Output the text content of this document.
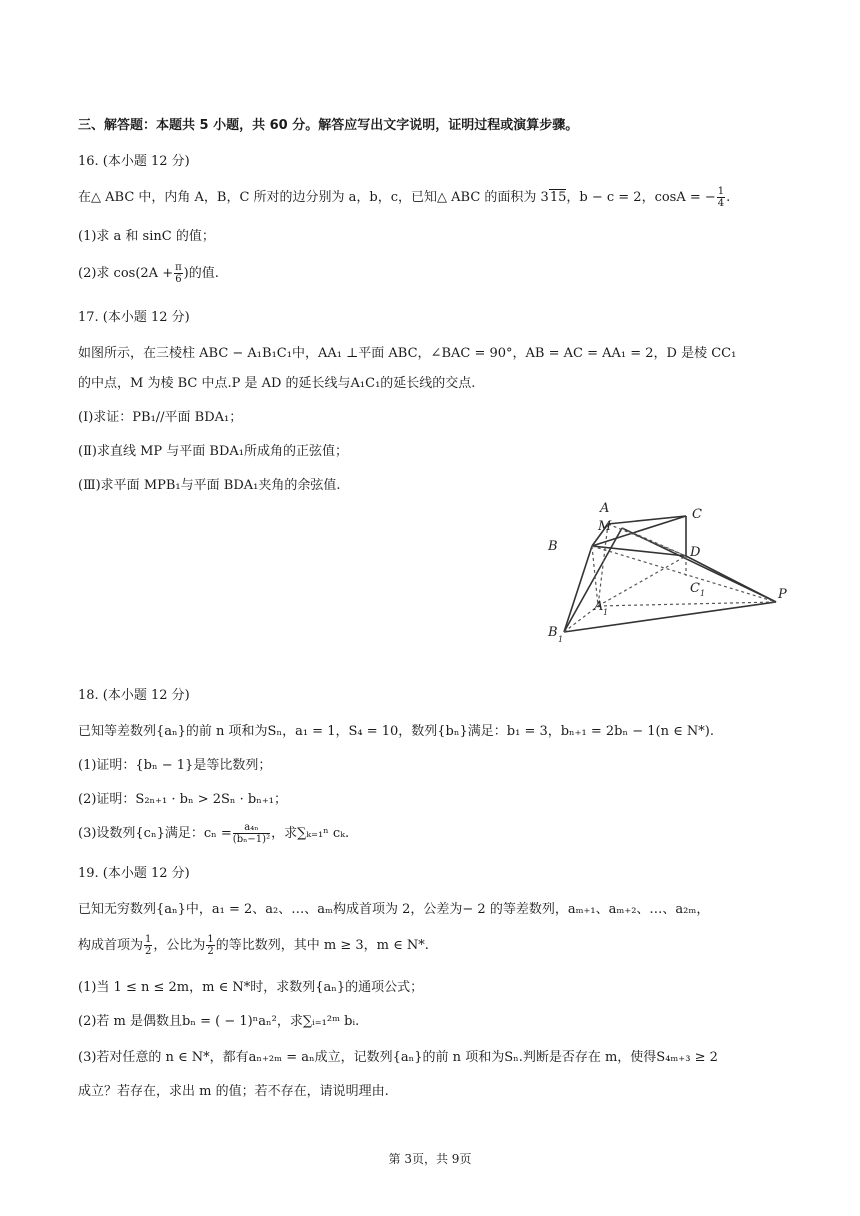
三、解答题：本题共 5 小题，共 60 分。解答应写出文字说明，证明过程或演算步骤。
16. (本小题 12 分)
在△ ABC 中，内角 A，B，C 所对的边分别为 a，b，c，已知△ ABC 的面积为 315，b − c = 2，cosA = − $\frac{1}{4}$ .
(1)求 a 和 sinC 的值；
(2)求 $\cos(2A + \frac{\pi}{6}$ )的值.
17. (本小题 12 分)
如图所示，在三棱柱 ABC − A₁B₁C₁中，AA₁ ⊥平面 ABC，∠BAC = 90°，AB = AC = AA₁ = 2，D 是棱 CC₁
的中点，M 为棱 BC 中点.P 是 AD 的延长线与A₁C₁的延长线的交点.
(Ⅰ)求证：PB₁//平面 BDA₁；
(Ⅱ)求直线 MP 与平面 BDA₁所成角的正弦值；
(Ⅲ)求平面 MPB₁与平面 BDA₁夹角的余弦值.
A
M
C
B	D
C 1
A 1
P
B 1
18. (本小题 12 分)
已知等差数列{aₙ}的前 n 项和为Sₙ，a₁ = 1，S₄ = 10，数列{bₙ}满足：b₁ = 3，bₙ₊₁ = 2bₙ − 1(n ∈ N*).
(1)证明：{bₙ − 1}是等比数列；
(2)证明：S₂ₙ₊₁ · bₙ > 2Sₙ · bₙ₊₁；
(3)设数列{cₙ}满足：$c_n = \frac{\text{a₄ₙ}}{\text{(bₙ−1)²}}$ ，求∑ₖ₌₁ⁿ cₖ.
19. (本小题 12 分)
已知无穷数列{aₙ}中，a₁ = 2、a₂、…、aₘ构成首项为 2，公差为− 2 的等差数列，aₘ₊₁、aₘ₊₂、…、a₂ₘ，
构成首项为 $\frac{1}{2}$ ，公比为 $\frac{1}{2}$ 的等比数列，其中 m ≥ 3，m ∈ N*.
(1)当 1 ≤ n ≤ 2m，m ∈ N*时，求数列{aₙ}的通项公式；
(2)若 m 是偶数且bₙ = ( − 1)ⁿaₙ²，求∑ᵢ₌₁²ᵐ bᵢ.
(3)若对任意的 n ∈ N*，都有aₙ₊₂ₘ = aₙ成立，记数列{aₙ}的前 n 项和为Sₙ.判断是否存在 m，使得S₄ₘ₊₃ ≥ 2
成立？若存在，求出 m 的值；若不存在，请说明理由.
第 3页，共 9页
